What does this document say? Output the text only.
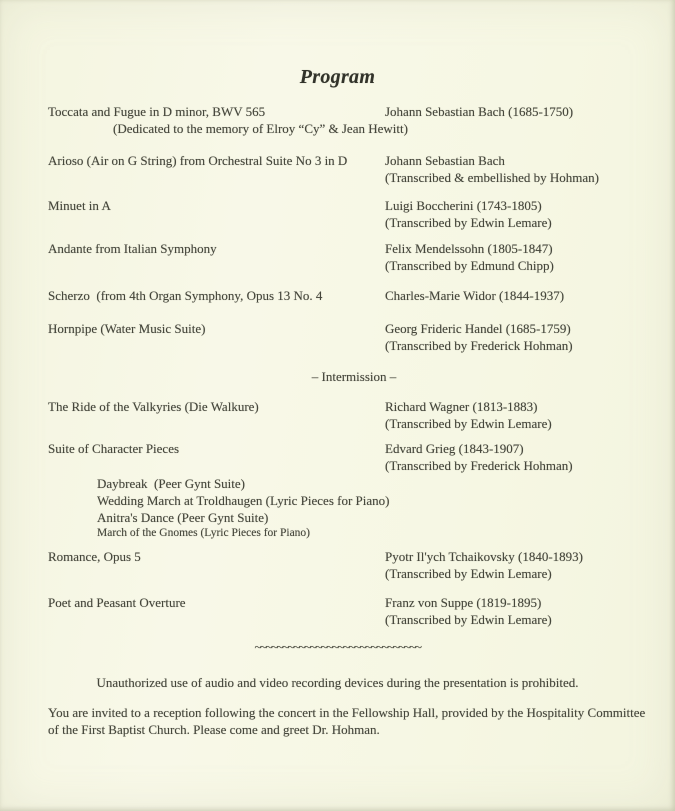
Program
Toccata and Fugue in D minor, BWV 565	Johann Sebastian Bach (1685-1750)
(Dedicated to the memory of Elroy “Cy” & Jean Hewitt)
Arioso (Air on G String) from Orchestral Suite No 3 in D	Johann Sebastian Bach
(Transcribed & embellished by Hohman)
Minuet in A	Luigi Boccherini (1743-1805)
(Transcribed by Edwin Lemare)
Andante from Italian Symphony	Felix Mendelssohn (1805-1847)
(Transcribed by Edmund Chipp)
Scherzo  (from 4th Organ Symphony, Opus 13 No. 4	Charles-Marie Widor (1844-1937)
Hornpipe (Water Music Suite)	Georg Frideric Handel (1685-1759)
(Transcribed by Frederick Hohman)
– Intermission –
The Ride of the Valkyries (Die Walkure)	Richard Wagner (1813-1883)
(Transcribed by Edwin Lemare)
Suite of Character Pieces	Edvard Grieg (1843-1907)
(Transcribed by Frederick Hohman)
Daybreak  (Peer Gynt Suite)
Wedding March at Troldhaugen (Lyric Pieces for Piano)
Anitra's Dance (Peer Gynt Suite)
March of the Gnomes (Lyric Pieces for Piano)
Romance, Opus 5	Pyotr Il'ych Tchaikovsky (1840-1893)
(Transcribed by Edwin Lemare)
Poet and Peasant Overture	Franz von Suppe (1819-1895)
(Transcribed by Edwin Lemare)
~~~~~~~~~~~~~~~~~~~~~~~~~~~~~~
Unauthorized use of audio and video recording devices during the presentation is prohibited.
You are invited to a reception following the concert in the Fellowship Hall, provided by the Hospitality Committee of the First Baptist Church. Please come and greet Dr. Hohman.
